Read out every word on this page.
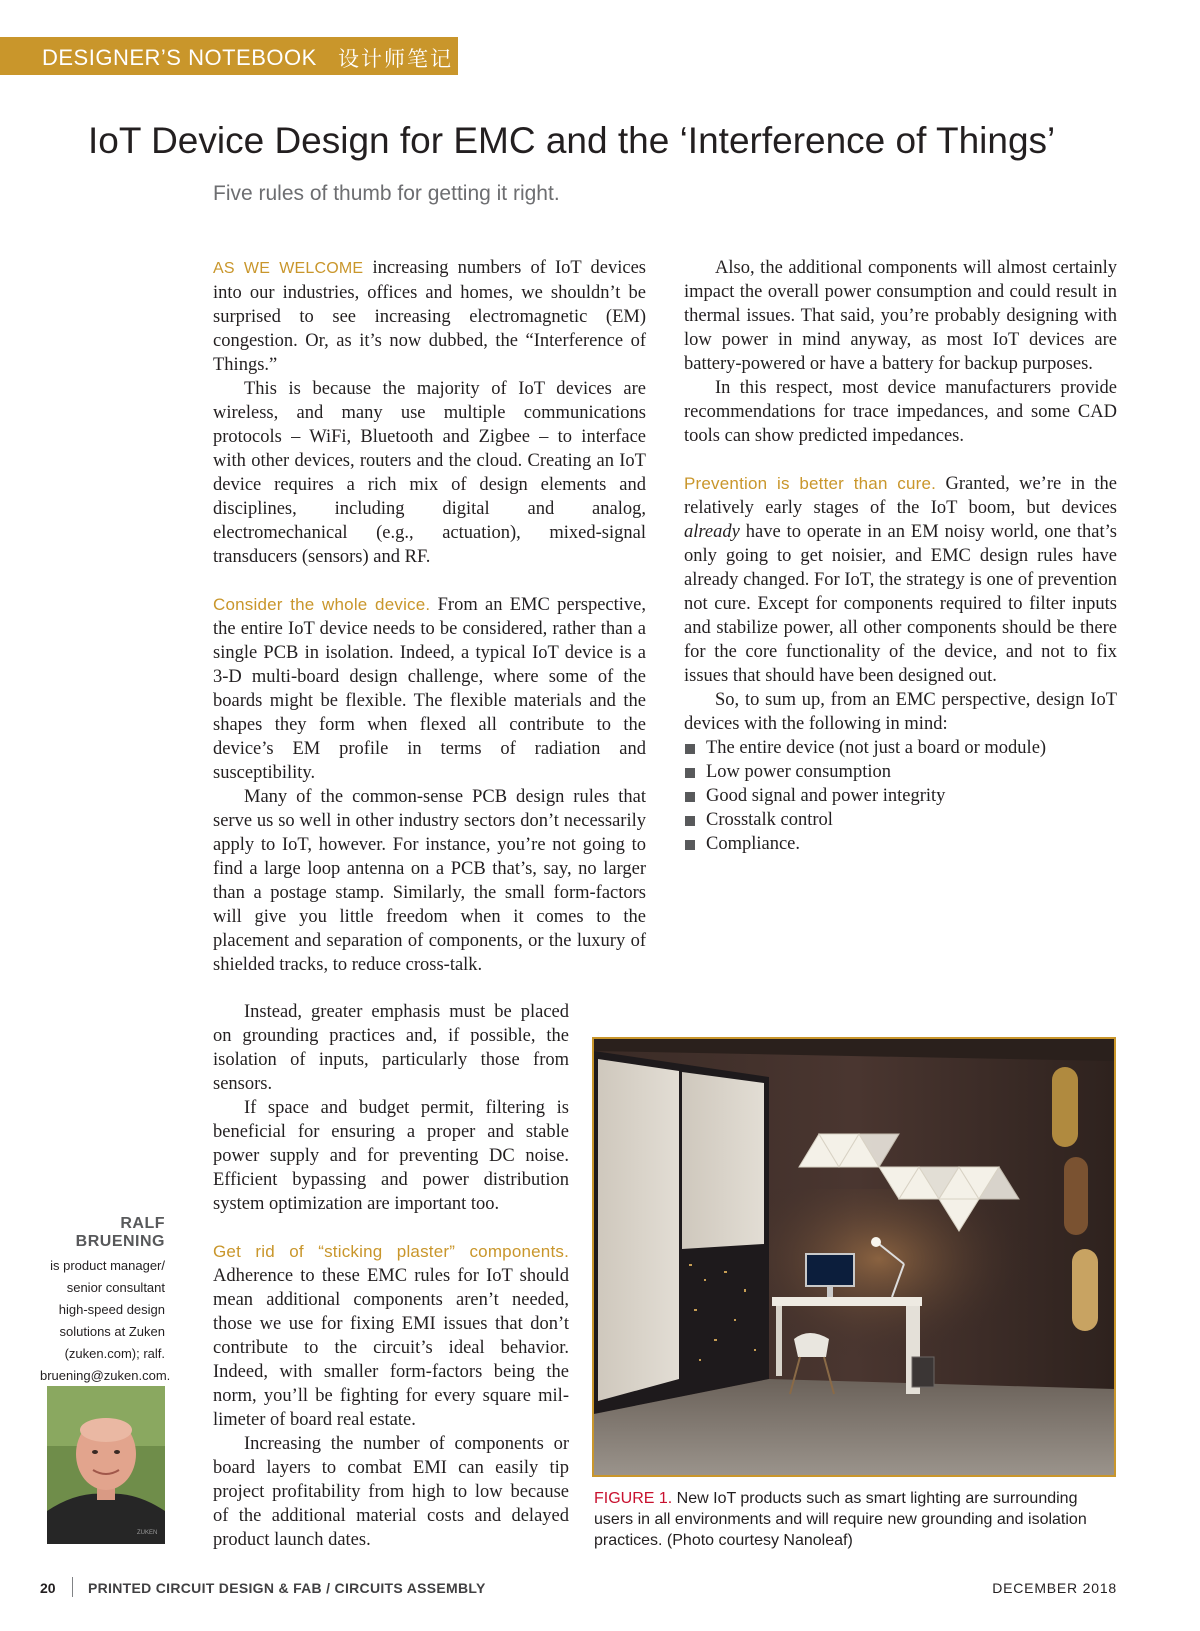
DESIGNER’S NOTEBOOK 设计师笔记
IoT Device Design for EMC and the ‘Interference of Things’
Five rules of thumb for getting it right.

AS WE WELCOME increasing numbers of IoT devices into our industries, offices and homes, we shouldn’t be surprised to see increasing electromagnetic (EM) congestion. Or, as it’s now dubbed, the “Interference of Things.”

This is because the majority of IoT devices are wireless, and many use multiple communications protocols – WiFi, Bluetooth and Zigbee – to interface with other devices, routers and the cloud. Creating an IoT device requires a rich mix of design elements and disciplines, including digital and analog, electromechanical (e.g., actuation), mixed-signal transducers (sensors) and RF.

Consider the whole device. From an EMC perspective, the entire IoT device needs to be considered, rather than a single PCB in isolation. Indeed, a typical IoT device is a 3-D multi-board design challenge, where some of the boards might be flexible. The flexible materials and the shapes they form when flexed all contribute to the device’s EM profile in terms of radiation and susceptibility.

Many of the common-sense PCB design rules that serve us so well in other industry sectors don’t necessarily apply to IoT, however. For instance, you’re not going to find a large loop antenna on a PCB that’s, say, no larger than a postage stamp. Similarly, the small form-factors will give you little freedom when it comes to the placement and separation of components, or the luxury of shielded tracks, to reduce cross-talk.

Instead, greater emphasis must be placed on grounding practices and, if possible, the isolation of inputs, particularly those from sensors.

If space and budget permit, filtering is beneficial for ensuring a proper and stable power supply and for preventing DC noise. Efficient bypassing and power distribution system optimization are important too.

Get rid of “sticking plaster” components. Adherence to these EMC rules for IoT should mean additional components aren’t needed, those we use for fixing EMI issues that don’t contribute to the circuit’s ideal behavior. Indeed, with smaller form-factors being the norm, you’ll be fighting for every square millimeter of board real estate.

Increasing the number of components or board layers to combat EMI can easily tip project profitability from high to low because of the additional material costs and delayed product launch dates.

Also, the additional components will almost certainly impact the overall power consumption and could result in thermal issues. That said, you’re probably designing with low power in mind anyway, as most IoT devices are battery-powered or have a battery for backup purposes.

In this respect, most device manufacturers provide recommendations for trace impedances, and some CAD tools can show predicted impedances.

Prevention is better than cure. Granted, we’re in the relatively early stages of the IoT boom, but devices already have to operate in an EM noisy world, one that’s only going to get noisier, and EMC design rules have already changed. For IoT, the strategy is one of prevention not cure. Except for components required to filter inputs and stabilize power, all other components should be there for the core functionality of the device, and not to fix issues that should have been designed out.

So, to sum up, from an EMC perspective, design IoT devices with the following in mind:

The entire device (not just a board or module)
Low power consumption
Good signal and power integrity
Crosstalk control
Compliance.
FIGURE 1. New IoT products such as smart lighting are surrounding users in all environments and will require new grounding and isolation practices. (Photo courtesy Nanoleaf)
RALF BRUENING
is product manager/
senior consultant
high-speed design
solutions at Zuken
(zuken.com); ralf.
bruening@zuken.com.
ZUKEN
20 PRINTED CIRCUIT DESIGN & FAB / CIRCUITS ASSEMBLY	DECEMBER 2018
